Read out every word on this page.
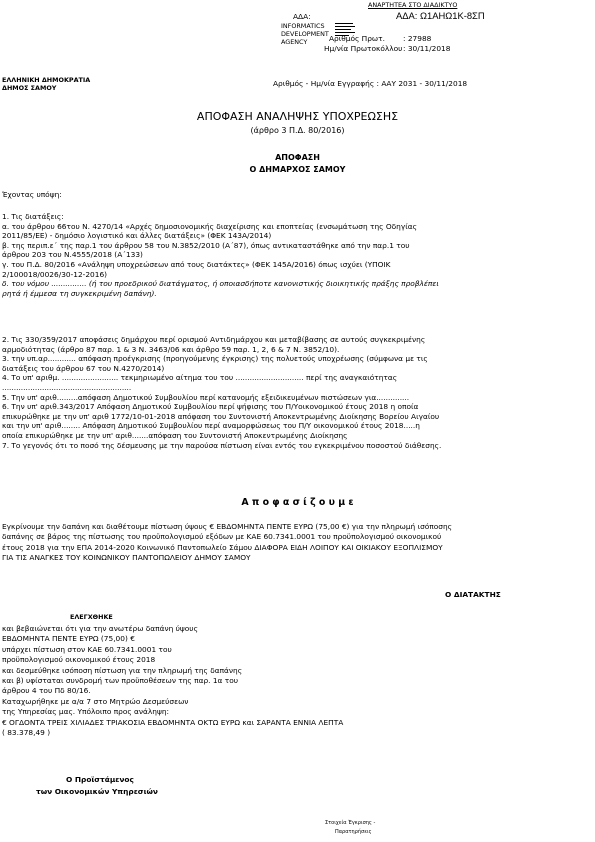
ΑΝΑΡΤΗΤΕΑ ΣΤΟ ΔΙΑΔΙΚΤΥΟ
ΑΔΑ:	ΑΔΑ: Ω1ΑΗΩ1Κ-8ΣΠ
INFORMATICS
DEVELOPMENT
AGENCY	Αριθμός Πρωτ. : 27988
Ημ/νία Πρωτοκόλλου : 30/11/2018
ΕΛΛΗΝΙΚΗ ΔΗΜΟΚΡΑΤΙΑ
ΔΗΜΟΣ ΣΑΜΟΥ	Αριθμός - Ημ/νία Εγγραφής : ΑΑΥ 2031 - 30/11/2018
ΑΠΟΦΑΣΗ ΑΝΑΛΗΨΗΣ ΥΠΟΧΡΕΩΣΗΣ
(άρθρο 3 Π.Δ. 80/2016)
ΑΠΟΦΑΣΗ
Ο ΔΗΜΑΡΧΟΣ ΣΑΜΟΥ
Έχοντας υπόψη:
1. Τις διατάξεις:
α. του άρθρου 66του Ν. 4270/14 «Αρχές δημοσιονομικής διαχείρισης και εποπτείας (ενσωμάτωση της Οδηγίας
2011/85/ΕΕ) - δημόσιο λογιστικό και άλλες διατάξεις» (ΦΕΚ 143Α/2014)
β. της περιπ.ε΄ της παρ.1 του άρθρου 58 του Ν.3852/2010 (Α΄87), όπως αντικαταστάθηκε από την παρ.1 του
άρθρου 203 του Ν.4555/2018 (Α΄133)
γ. του Π.Δ. 80/2016 «Ανάληψη υποχρεώσεων από τους διατάκτες» (ΦΕΚ 145Α/2016) όπως ισχύει (ΥΠΟΙΚ
2/100018/0026/30-12-2016)
δ. του νόμου ............... (ή του προεδρικού διατάγματος, ή οποιασδήποτε κανονιστικής διοικητικής πράξης προβλέπει
ρητά ή έμμεσα τη συγκεκριμένη δαπάνη).
2. Τις 330/359/2017 αποφάσεις δημάρχου περί ορισμού Αντιδημάρχου και μεταβίβασης σε αυτούς συγκεκριμένης
αρμοδιότητας (άρθρο 87 παρ. 1 & 3 Ν. 3463/06 και άρθρο 59 παρ. 1, 2, 6 & 7 Ν. 3852/10).
3. την υπ.αρ............ απόφαση προέγκρισης (προηγούμενης έγκρισης) της πολυετούς υποχρέωσης (σύμφωνα με τις
διατάξεις του άρθρου 67 του Ν.4270/2014)
4. Το υπ' αριθμ. ........................ τεκμηριωμένο αίτημα του του ............................. περί της αναγκαιότητας
.......................................................
5. Την υπ' αριθ.........απόφαση Δημοτικού Συμβουλίου περί κατανομής εξειδικευμένων πιστώσεων για..............
6. Την υπ' αριθ.343/2017 Απόφαση Δημοτικού Συμβουλίου περί ψήφισης του Π/Υοικονομικού έτους 2018 η οποία
επικυρώθηκε με την υπ' αριθ 1772/10-01-2018 απόφαση του Συντονιστή Αποκεντρωμένης Διοίκησης Βορείου Αιγαίου
και την υπ' αριθ........ Απόφαση Δημοτικού Συμβουλίου περί αναμορφώσεως του Π/Υ οικονομικού έτους 2018.....η
οποία επικυρώθηκε με την υπ' αριθ.......απόφαση του Συντονιστή Αποκεντρωμένης Διοίκησης
7. Το γεγονός ότι το ποσό της δέσμευσης με την παρούσα πίστωση είναι εντός του εγκεκριμένου ποσοστού διάθεσης.
Α π ο φ α σ ί ζ ο υ μ ε
Εγκρίνουμε την δαπάνη και διαθέτουμε πίστωση ύψους € ΕΒΔΟΜΗΝΤΑ ΠΕΝΤΕ ΕΥΡΩ (75,00 €) για την πληρωμή ισόποσης
δαπάνης σε βάρος της πίστωσης του προϋπολογισμού εξόδων με ΚΑΕ 60.7341.0001 του προϋπολογισμού οικονομικού
έτους 2018 για την ΕΠΑ 2014-2020 Κοινωνικό Παντοπωλείο Σάμου ΔΙΑΦΟΡΑ ΕΙΔΗ ΛΟΙΠΟΥ ΚΑΙ ΟΙΚΙΑΚΟΥ ΕΞΟΠΛΙΣΜΟΥ
ΓΙΑ ΤΙΣ ΑΝΑΓΚΕΣ ΤΟΥ ΚΟΙΝΩΝΙΚΟΥ ΠΑΝΤΟΠΩΛΕΙΟΥ ΔΗΜΟΥ ΣΑΜΟΥ
Ο ΔΙΑΤΑΚΤΗΣ
ΕΛΕΓΧΘΗΚΕ
και βεβαιώνεται ότι για την ανωτέρω δαπάνη ύψους
ΕΒΔΟΜΗΝΤΑ ΠΕΝΤΕ ΕΥΡΩ (75,00) €
υπάρχει πίστωση στον ΚΑΕ 60.7341.0001 του
προϋπολογισμού οικονομικού έτους 2018
και δεσμεύθηκε ισόποση πίστωση για την πληρωμή της δαπάνης
και β) υφίσταται συνδρομή των προϋποθέσεων της παρ. 1α του
άρθρου 4 του Πδ 80/16.
Καταχωρήθηκε με α/α 7 στο Μητρώο Δεσμεύσεων
της Υπηρεσίας μας. Υπόλοιπο προς ανάληψη:
€ ΟΓΔΟΝΤΑ ΤΡΕΙΣ ΧΙΛΙΑΔΕΣ ΤΡΙΑΚΟΣΙΑ ΕΒΔΟΜΗΝΤΑ ΟΚΤΩ ΕΥΡΩ και ΣΑΡΑΝΤΑ ΕΝΝΙΑ ΛΕΠΤΑ
( 83.378,49 )
Ο Προϊστάμενος
των Οικονομικών Υπηρεσιών
Στοιχεία Έγκρισης -
Παρατηρήσεις
